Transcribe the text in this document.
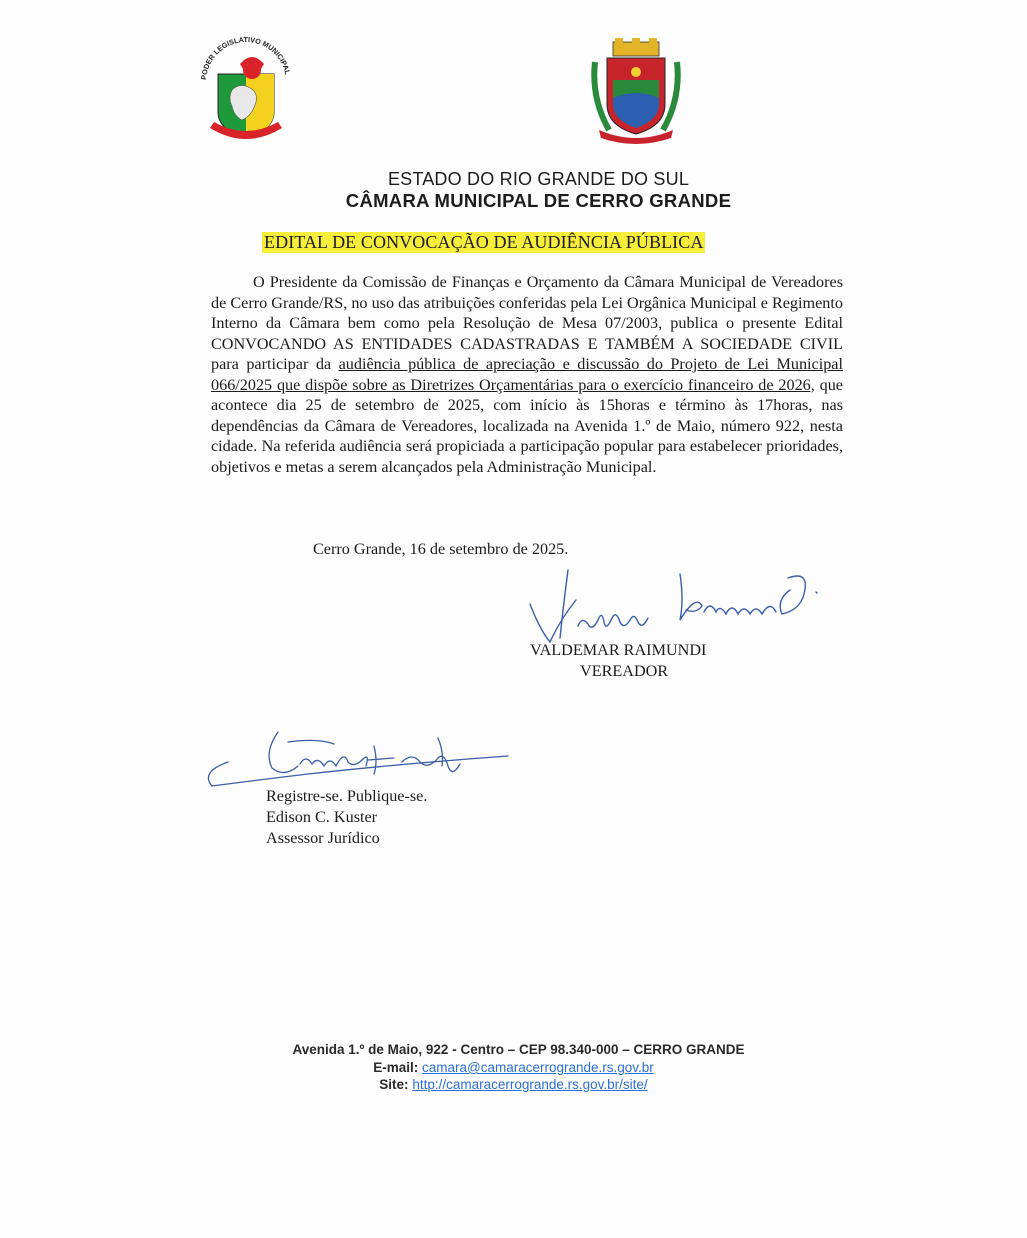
PODER LEGISLATIVO MUNICIPAL
ESTADO DO RIO GRANDE DO SUL
CÂMARA MUNICIPAL DE CERRO GRANDE
EDITAL DE CONVOCAÇÃO DE AUDIÊNCIA PÚBLICA
O Presidente da Comissão de Finanças e Orçamento da Câmara Municipal de Vereadores de Cerro Grande/RS, no uso das atribuições conferidas pela Lei Orgânica Municipal e Regimento Interno da Câmara bem como pela Resolução de Mesa 07/2003, publica o presente Edital CONVOCANDO AS ENTIDADES CADASTRADAS E TAMBÉM A SOCIEDADE CIVIL para participar da audiência pública de apreciação e discussão do Projeto de Lei Municipal 066/2025 que dispõe sobre as Diretrizes Orçamentárias para o exercício financeiro de 2026, que acontece dia 25 de setembro de 2025, com início às 15horas e término às 17horas, nas dependências da Câmara de Vereadores, localizada na Avenida 1.º de Maio, número 922, nesta cidade. Na referida audiência será propiciada a participação popular para estabelecer prioridades, objetivos e metas a serem alcançados pela Administração Municipal.
Cerro Grande, 16 de setembro de 2025.
VALDEMAR RAIMUNDI
VEREADOR
Registre-se. Publique-se.
Edison C. Kuster
Assessor Jurídico
Avenida 1.º de Maio, 922 - Centro – CEP 98.340-000 – CERRO GRANDE
E-mail: camara@camaracerrogrande.rs.gov.br
Site: http://camaracerrogrande.rs.gov.br/site/
